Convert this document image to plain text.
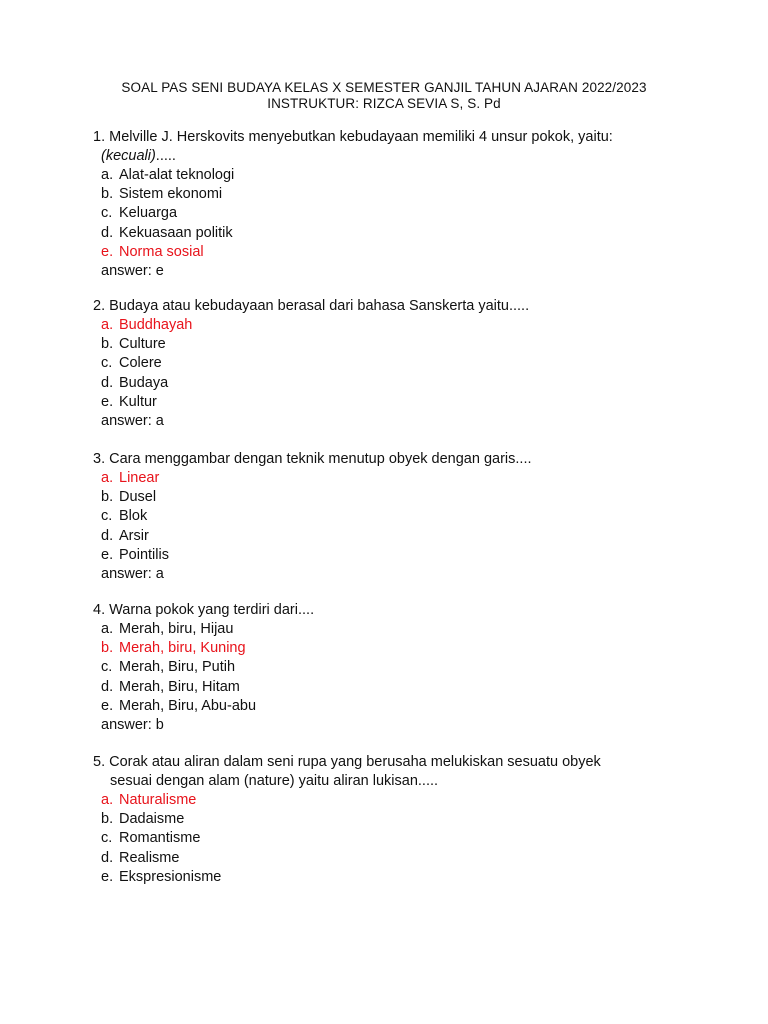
SOAL PAS SENI BUDAYA KELAS X SEMESTER GANJIL TAHUN AJARAN 2022/2023
INSTRUKTUR: RIZCA SEVIA S, S. Pd
1. Melville J. Herskovits menyebutkan kebudayaan memiliki 4 unsur pokok, yaitu:
(kecuali).....
a. Alat-alat teknologi
b. Sistem ekonomi
c. Keluarga
d. Kekuasaan politik
e. Norma sosial
answer: e
2. Budaya atau kebudayaan berasal dari bahasa Sanskerta yaitu.....
a. Buddhayah
b. Culture
c. Colere
d. Budaya
e. Kultur
answer: a
3. Cara menggambar dengan teknik menutup obyek dengan garis....
a. Linear
b. Dusel
c. Blok
d. Arsir
e. Pointilis
answer: a
4. Warna pokok yang terdiri dari....
a. Merah, biru, Hijau
b. Merah, biru, Kuning
c. Merah, Biru, Putih
d. Merah, Biru, Hitam
e. Merah, Biru, Abu-abu
answer: b
5. Corak atau aliran dalam seni rupa yang berusaha melukiskan sesuatu obyek
sesuai dengan alam (nature) yaitu aliran lukisan.....
a. Naturalisme
b. Dadaisme
c. Romantisme
d. Realisme
e. Ekspresionisme
